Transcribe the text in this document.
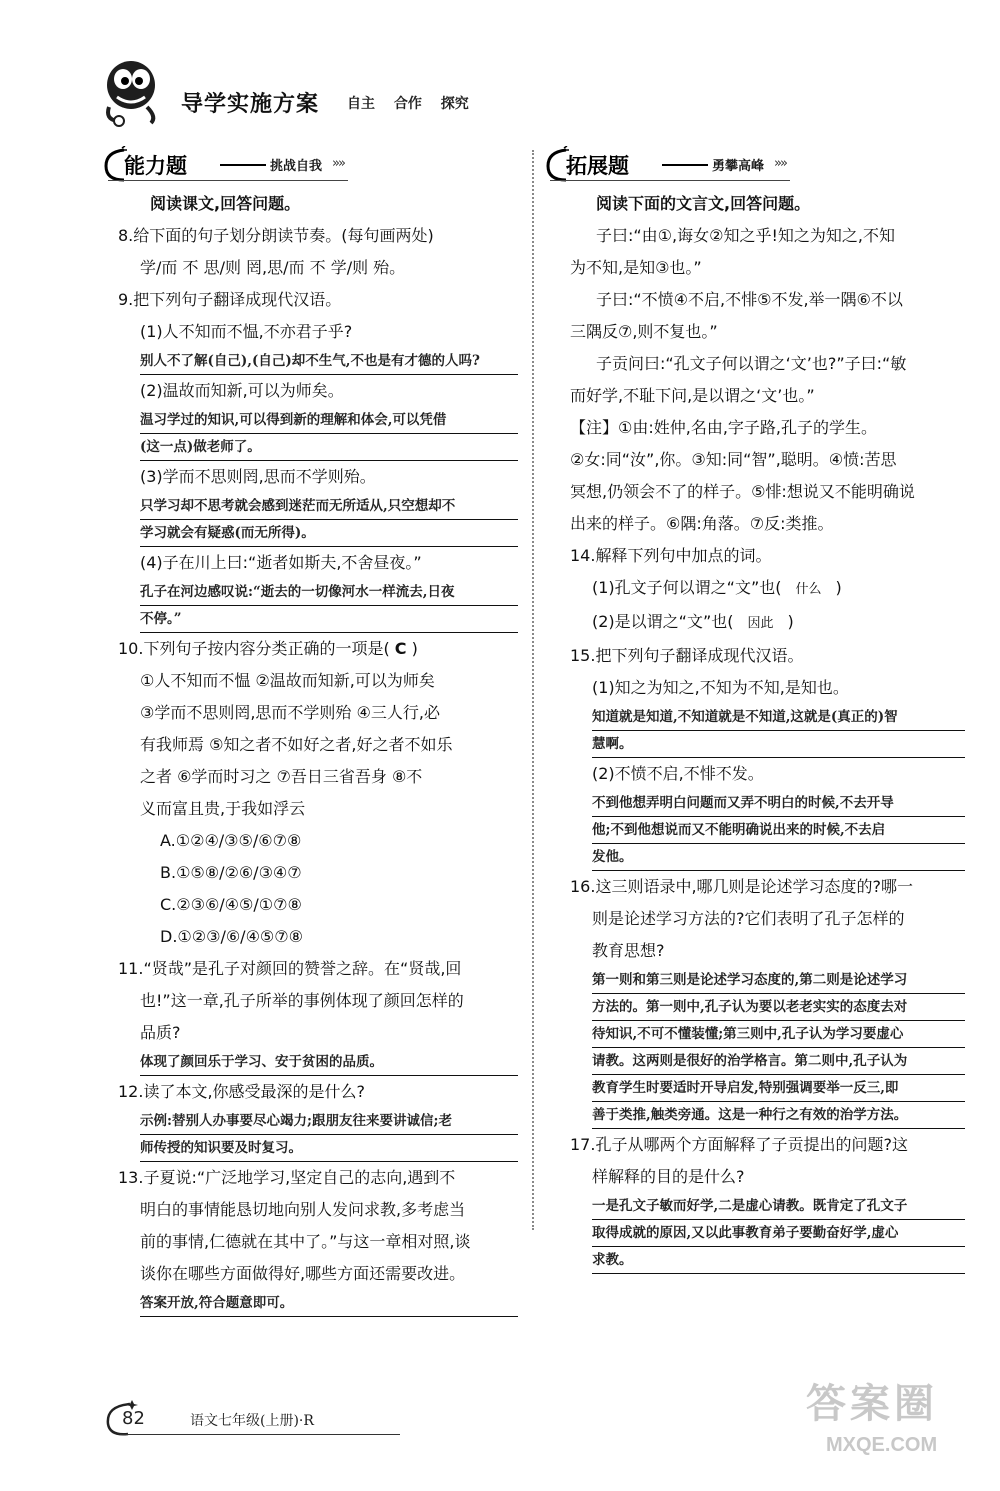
导学实施方案 自主 合作 探究
能力题	挑战自我 »»
阅读课文,回答问题。
8.给下面的句子划分朗读节奏。(每句画两处)
学/而 不 思/则 罔,思/而 不 学/则 殆。
9.把下列句子翻译成现代汉语。
(1)人不知而不愠,不亦君子乎?
别人不了解(自己),(自己)却不生气,不也是有才德的人吗?
(2)温故而知新,可以为师矣。
温习学过的知识,可以得到新的理解和体会,可以凭借
(这一点)做老师了。
(3)学而不思则罔,思而不学则殆。
只学习却不思考就会感到迷茫而无所适从,只空想却不
学习就会有疑惑(而无所得)。
(4)子在川上曰:“逝者如斯夫,不舍昼夜。”
孔子在河边感叹说:“逝去的一切像河水一样流去,日夜
不停。”
10.下列句子按内容分类正确的一项是( C )
①人不知而不愠 ②温故而知新,可以为师矣
③学而不思则罔,思而不学则殆 ④三人行,必
有我师焉 ⑤知之者不如好之者,好之者不如乐
之者 ⑥学而时习之 ⑦吾日三省吾身 ⑧不
义而富且贵,于我如浮云
A.①②④/③⑤/⑥⑦⑧
B.①⑤⑧/②⑥/③④⑦
C.②③⑥/④⑤/①⑦⑧
D.①②③/⑥/④⑤⑦⑧
11.“贤哉”是孔子对颜回的赞誉之辞。在“贤哉,回
也!”这一章,孔子所举的事例体现了颜回怎样的
品质?
体现了颜回乐于学习、安于贫困的品质。
12.读了本文,你感受最深的是什么?
示例:替别人办事要尽心竭力;跟朋友往来要讲诚信;老
师传授的知识要及时复习。
13.子夏说:“广泛地学习,坚定自己的志向,遇到不
明白的事情能恳切地向别人发问求教,多考虑当
前的事情,仁德就在其中了。”与这一章相对照,谈
谈你在哪些方面做得好,哪些方面还需要改进。
答案开放,符合题意即可。
拓展题	勇攀高峰 »»
阅读下面的文言文,回答问题。
子曰:“由①,诲女②知之乎!知之为知之,不知
为不知,是知③也。”
子曰:“不愤④不启,不悱⑤不发,举一隅⑥不以
三隅反⑦,则不复也。”
子贡问曰:“孔文子何以谓之‘文’也?”子曰:“敏
而好学,不耻下问,是以谓之‘文’也。”
【注】①由:姓仲,名由,字子路,孔子的学生。
②女:同“汝”,你。③知:同“智”,聪明。④愤:苦思
冥想,仍领会不了的样子。⑤悱:想说又不能明确说
出来的样子。⑥隅:角落。⑦反:类推。
14.解释下列句中加点的词。
(1)孔文子何以谓之“文”也( 什么 )
(2)是以谓之“文”也( 因此 )
15.把下列句子翻译成现代汉语。
(1)知之为知之,不知为不知,是知也。
知道就是知道,不知道就是不知道,这就是(真正的)智
慧啊。
(2)不愤不启,不悱不发。
不到他想弄明白问题而又弄不明白的时候,不去开导
他;不到他想说而又不能明确说出来的时候,不去启
发他。
16.这三则语录中,哪几则是论述学习态度的?哪一
则是论述学习方法的?它们表明了孔子怎样的
教育思想?
第一则和第三则是论述学习态度的,第二则是论述学习
方法的。第一则中,孔子认为要以老老实实的态度去对
待知识,不可不懂装懂;第三则中,孔子认为学习要虚心
请教。这两则是很好的治学格言。第二则中,孔子认为
教育学生时要适时开导启发,特别强调要举一反三,即
善于类推,触类旁通。这是一种行之有效的治学方法。
17.孔子从哪两个方面解释了子贡提出的问题?这
样解释的目的是什么?
一是孔文子敏而好学,二是虚心请教。既肯定了孔文子
取得成就的原因,又以此事教育弟子要勤奋好学,虚心
求教。
82	语文七年级(上册)·R	答案圈
MXQE.COM
